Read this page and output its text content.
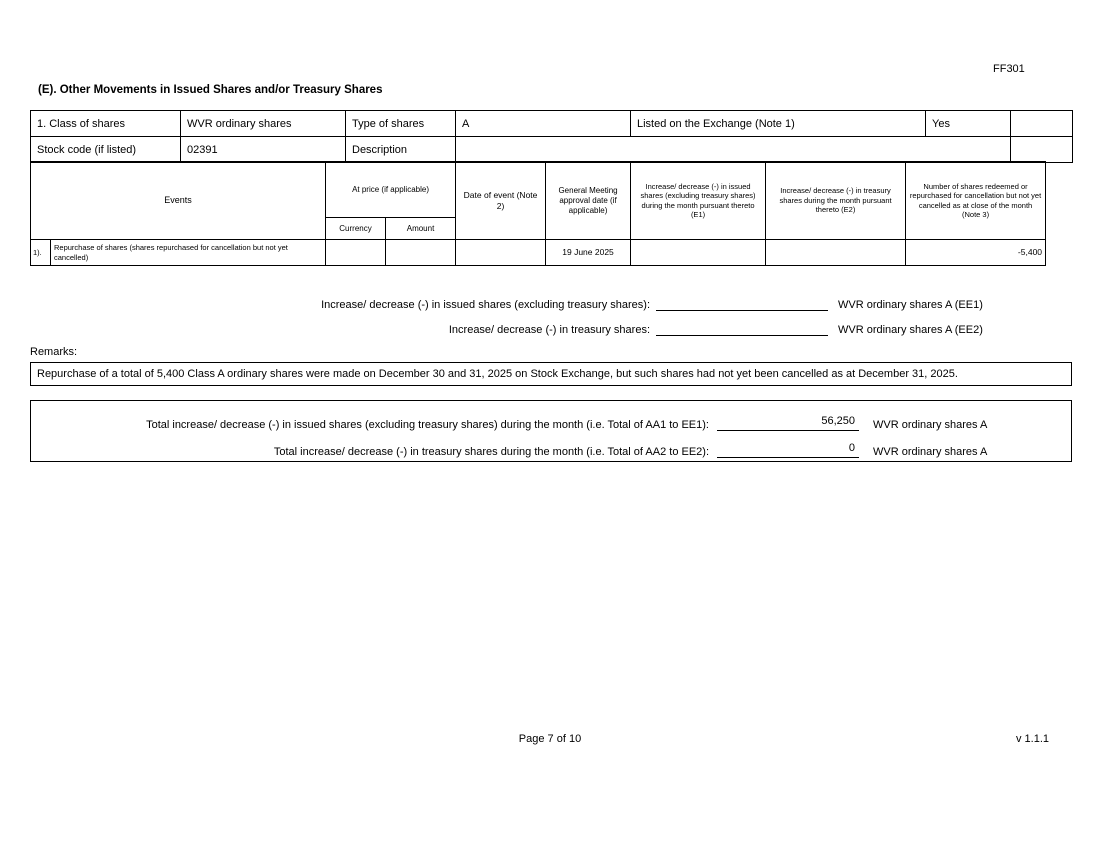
FF301
(E). Other Movements in Issued Shares and/or Treasury Shares
1. Class of shares	WVR ordinary shares	Type of shares	A	Listed on the Exchange (Note 1)	Yes	
Stock code (if listed)	02391	Description				
Events		At price (if applicable)		Date of event (Note 2)	General Meeting approval date (if applicable)	Increase/ decrease (-) in issued shares (excluding treasury shares) during the month pursuant thereto (E1)	Increase/ decrease (-) in treasury shares during the month pursuant thereto (E2)	Number of shares redeemed or repurchased for cancellation but not yet cancelled as at close of the month (Note 3)
		Currency	Amount					
1).	Repurchase of shares (shares repurchased for cancellation but not yet cancelled)				19 June 2025			-5,400
Increase/ decrease (-) in issued shares (excluding treasury shares):	WVR ordinary shares A (EE1)
Increase/ decrease (-) in treasury shares:	WVR ordinary shares A (EE2)
Remarks:
Repurchase of a total of 5,400 Class A ordinary shares were made on December 30 and 31, 2025 on Stock Exchange, but such shares had not yet been cancelled as at December 31, 2025.
Total increase/ decrease (-) in issued shares (excluding treasury shares) during the month (i.e. Total of AA1 to EE1):	56,250	WVR ordinary shares A
Total increase/ decrease (-) in treasury shares during the month (i.e. Total of AA2 to EE2):	0	WVR ordinary shares A
Page 7 of 10	v 1.1.1
